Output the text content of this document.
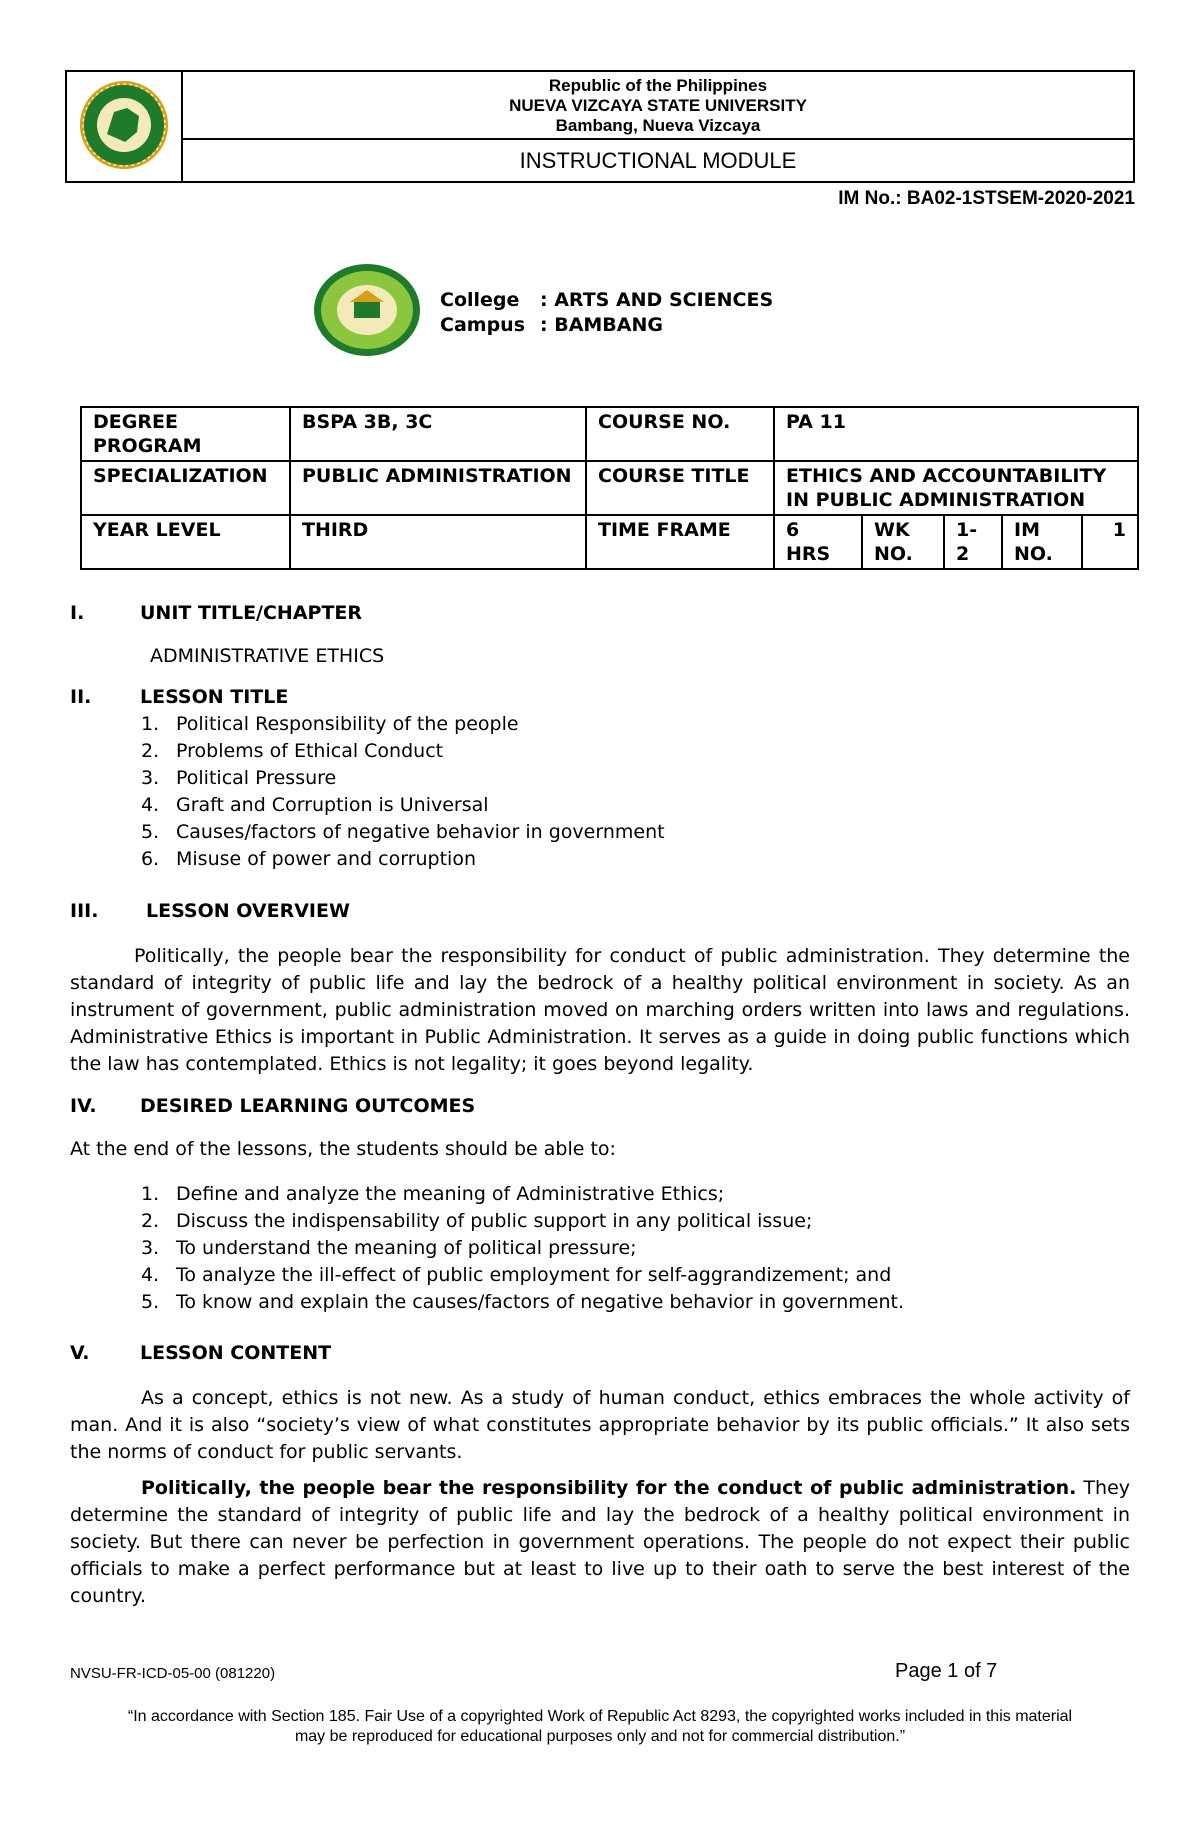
Republic of the Philippines
NUEVA VIZCAYA STATE UNIVERSITY
Bambang, Nueva Vizcaya
INSTRUCTIONAL MODULE
IM No.: BA02-1STSEM-2020-2021
College : ARTS AND SCIENCES
Campus : BAMBANG
DEGREE PROGRAM	BSPA 3B, 3C	COURSE NO.	PA 11				
SPECIALIZATION	PUBLIC ADMINISTRATION	COURSE TITLE	ETHICS AND ACCOUNTABILITY IN PUBLIC ADMINISTRATION				
YEAR LEVEL	THIRD	TIME FRAME	6 HRS	WK NO.	1-2	IM NO.	1
I.	UNIT TITLE/CHAPTER
ADMINISTRATIVE ETHICS
II.	LESSON TITLE
1. Political Responsibility of the people
2. Problems of Ethical Conduct
3. Political Pressure
4. Graft and Corruption is Universal
5. Causes/factors of negative behavior in government
6. Misuse of power and corruption
III.	LESSON OVERVIEW
Politically, the people bear the responsibility for conduct of public administration. They determine the standard of integrity of public life and lay the bedrock of a healthy political environment in society. As an instrument of government, public administration moved on marching orders written into laws and regulations. Administrative Ethics is important in Public Administration. It serves as a guide in doing public functions which the law has contemplated. Ethics is not legality; it goes beyond legality.
IV. DESIRED LEARNING OUTCOMES
At the end of the lessons, the students should be able to:
1. Define and analyze the meaning of Administrative Ethics;
2. Discuss the indispensability of public support in any political issue;
3. To understand the meaning of political pressure;
4. To analyze the ill-effect of public employment for self-aggrandizement; and
5. To know and explain the causes/factors of negative behavior in government.
V.	LESSON CONTENT
As a concept, ethics is not new. As a study of human conduct, ethics embraces the whole activity of man. And it is also “society’s view of what constitutes appropriate behavior by its public officials.” It also sets the norms of conduct for public servants.
Politically, the people bear the responsibility for the conduct of public administration. They determine the standard of integrity of public life and lay the bedrock of a healthy political environment in society. But there can never be perfection in government operations. The people do not expect their public officials to make a perfect performance but at least to live up to their oath to serve the best interest of the country.
NVSU-FR-ICD-05-00 (081220)	Page 1 of 7
“In accordance with Section 185. Fair Use of a copyrighted Work of Republic Act 8293, the copyrighted works included in this material
may be reproduced for educational purposes only and not for commercial distribution.”
